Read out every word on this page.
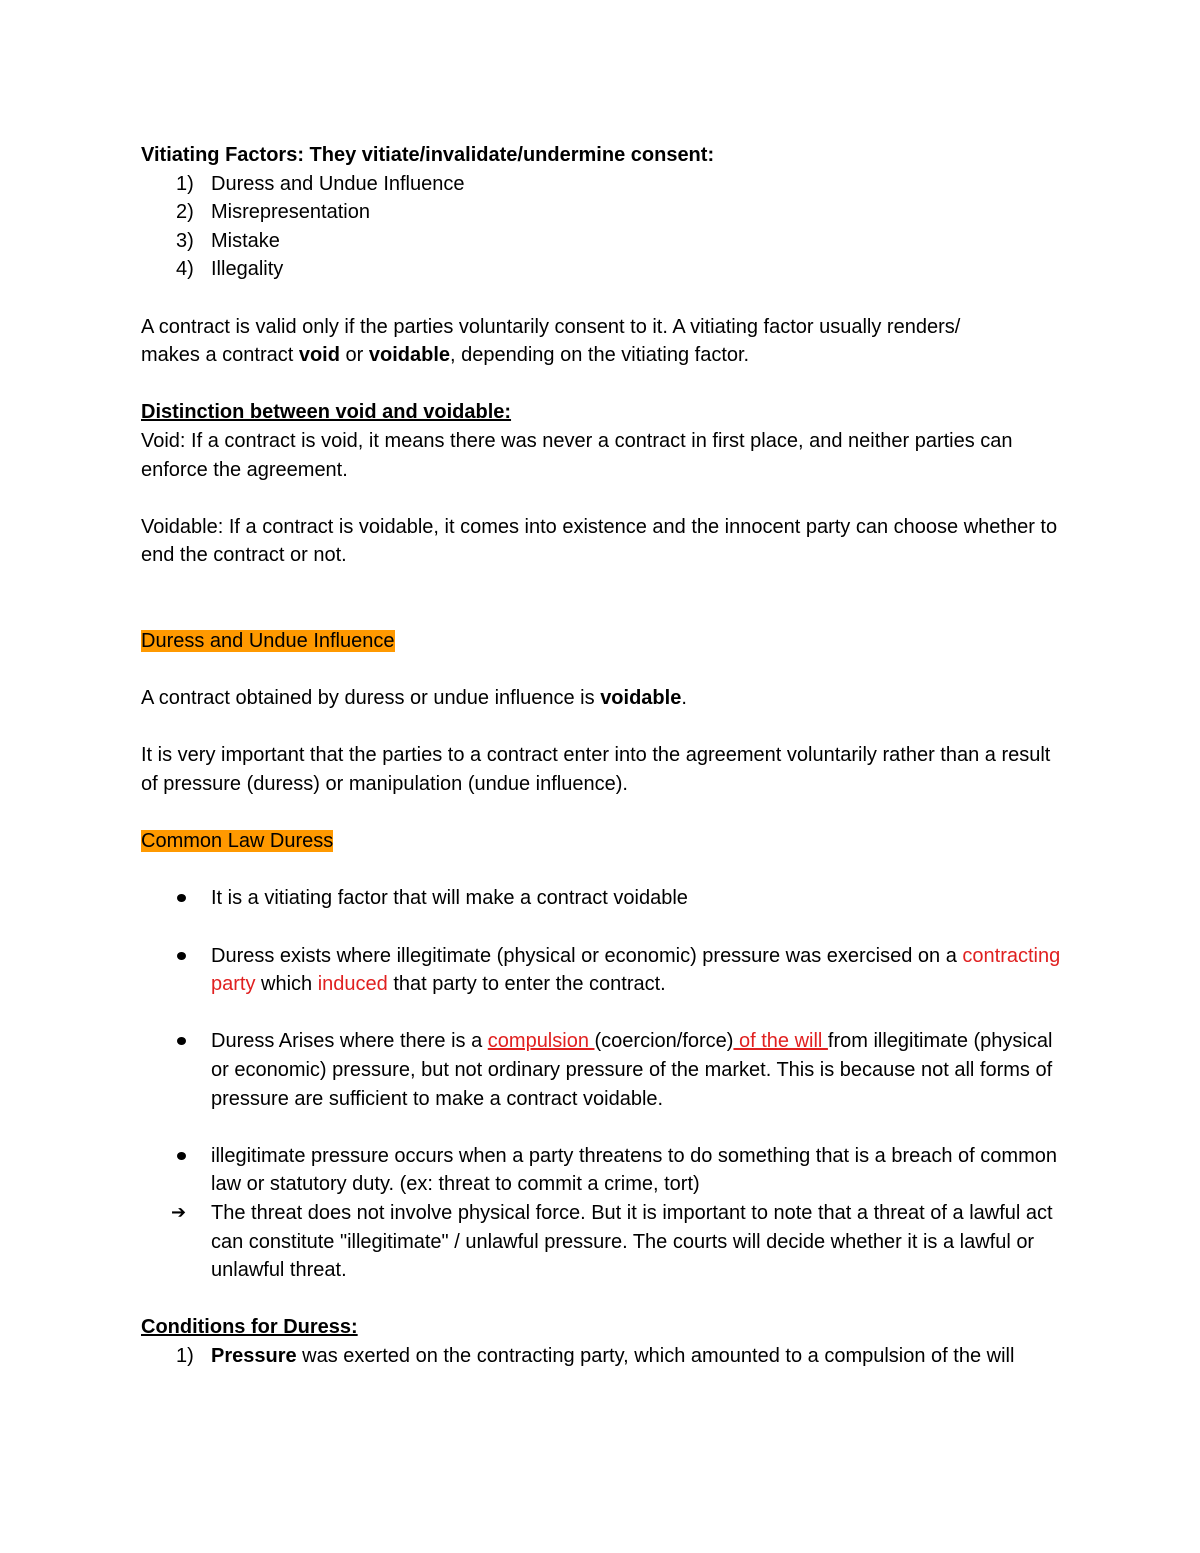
Vitiating Factors: They vitiate/invalidate/undermine consent:

1) Duress and Undue Influence
2) Misrepresentation
3) Mistake
4) Illegality

A contract is valid only if the parties voluntarily consent to it. A vitiating factor usually renders/
makes a contract void or voidable, depending on the vitiating factor.

Distinction between void and voidable:

Void: If a contract is void, it means there was never a contract in first place, and neither parties can enforce the agreement.

Voidable: If a contract is voidable, it comes into existence and the innocent party can choose whether to end the contract or not.

Duress and Undue Influence

A contract obtained by duress or undue influence is voidable.

It is very important that the parties to a contract enter into the agreement voluntarily rather than a result of pressure (duress) or manipulation (undue influence).

Common Law Duress

It is a vitiating factor that will make a contract voidable
Duress exists where illegitimate (physical or economic) pressure was exercised on a contracting party which induced that party to enter the contract.
Duress Arises where there is a compulsion (coercion/force) of the will from illegitimate (physical or economic) pressure, but not ordinary pressure of the market. This is because not all forms of pressure are sufficient to make a contract voidable.
illegitimate pressure occurs when a party threatens to do something that is a breach of common law or statutory duty. (ex: threat to commit a crime, tort)
➔ The threat does not involve physical force. But it is important to note that a threat of a lawful act can constitute "illegitimate" / unlawful pressure. The courts will decide whether it is a lawful or unlawful threat.

Conditions for Duress:

1) Pressure was exerted on the contracting party, which amounted to a compulsion of the will
